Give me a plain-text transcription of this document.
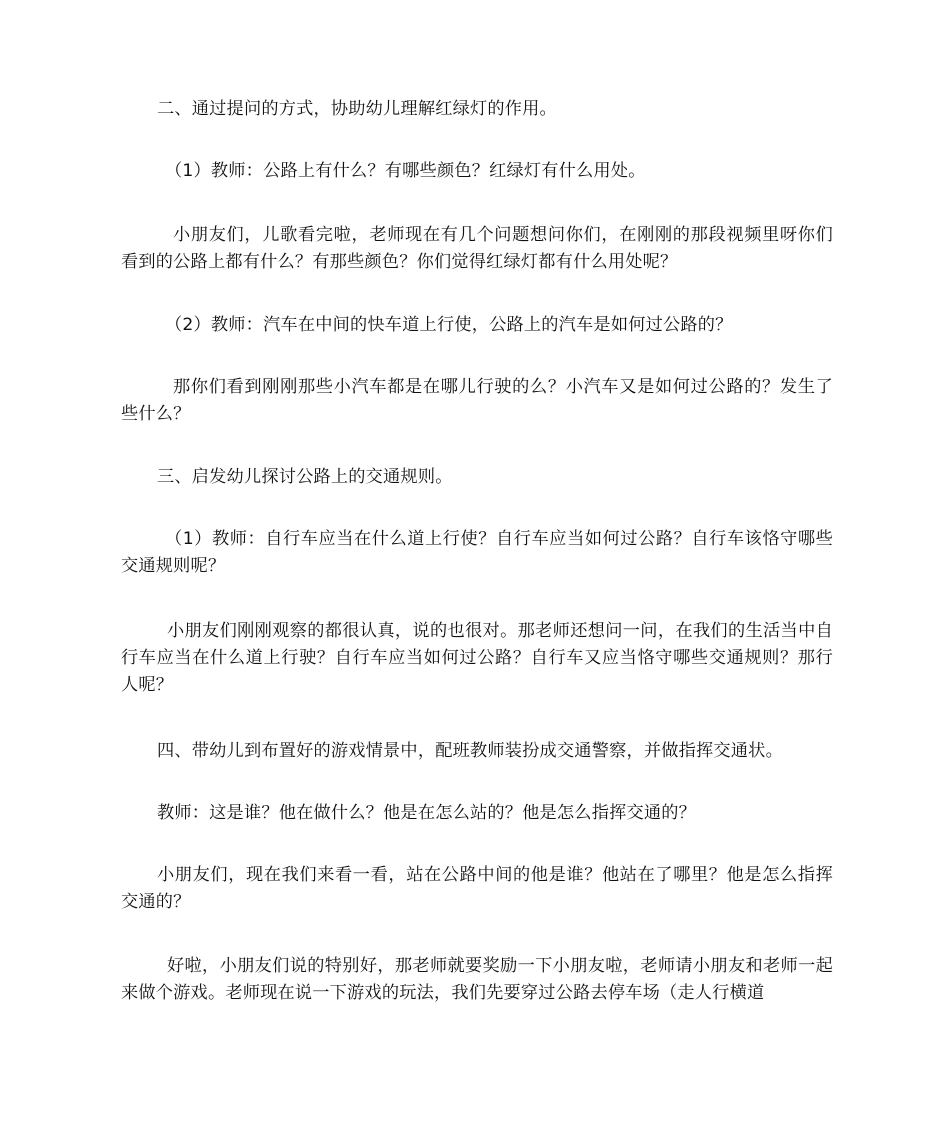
二、通过提问的方式，协助幼儿理解红绿灯的作用。

（1）教师：公路上有什么？有哪些颜色？红绿灯有什么用处。

小朋友们，儿歌看完啦，老师现在有几个问题想问你们，在刚刚的那段视频里呀你们看到的公路上都有什么？有那些颜色？你们觉得红绿灯都有什么用处呢？

（2）教师：汽车在中间的快车道上行使，公路上的汽车是如何过公路的？

那你们看到刚刚那些小汽车都是在哪儿行驶的么？小汽车又是如何过公路的？发生了些什么？

三、启发幼儿探讨公路上的交通规则。

（1）教师：自行车应当在什么道上行使？自行车应当如何过公路？自行车该恪守哪些交通规则呢？

小朋友们刚刚观察的都很认真，说的也很对。那老师还想问一问，在我们的生活当中自行车应当在什么道上行驶？自行车应当如何过公路？自行车又应当恪守哪些交通规则？那行人呢？

四、带幼儿到布置好的游戏情景中，配班教师装扮成交通警察，并做指挥交通状。

教师：这是谁？他在做什么？他是在怎么站的？他是怎么指挥交通的？

小朋友们，现在我们来看一看，站在公路中间的他是谁？他站在了哪里？他是怎么指挥交通的？

好啦，小朋友们说的特别好，那老师就要奖励一下小朋友啦，老师请小朋友和老师一起来做个游戏。老师现在说一下游戏的玩法，我们先要穿过公路去停车场（走人行横道
